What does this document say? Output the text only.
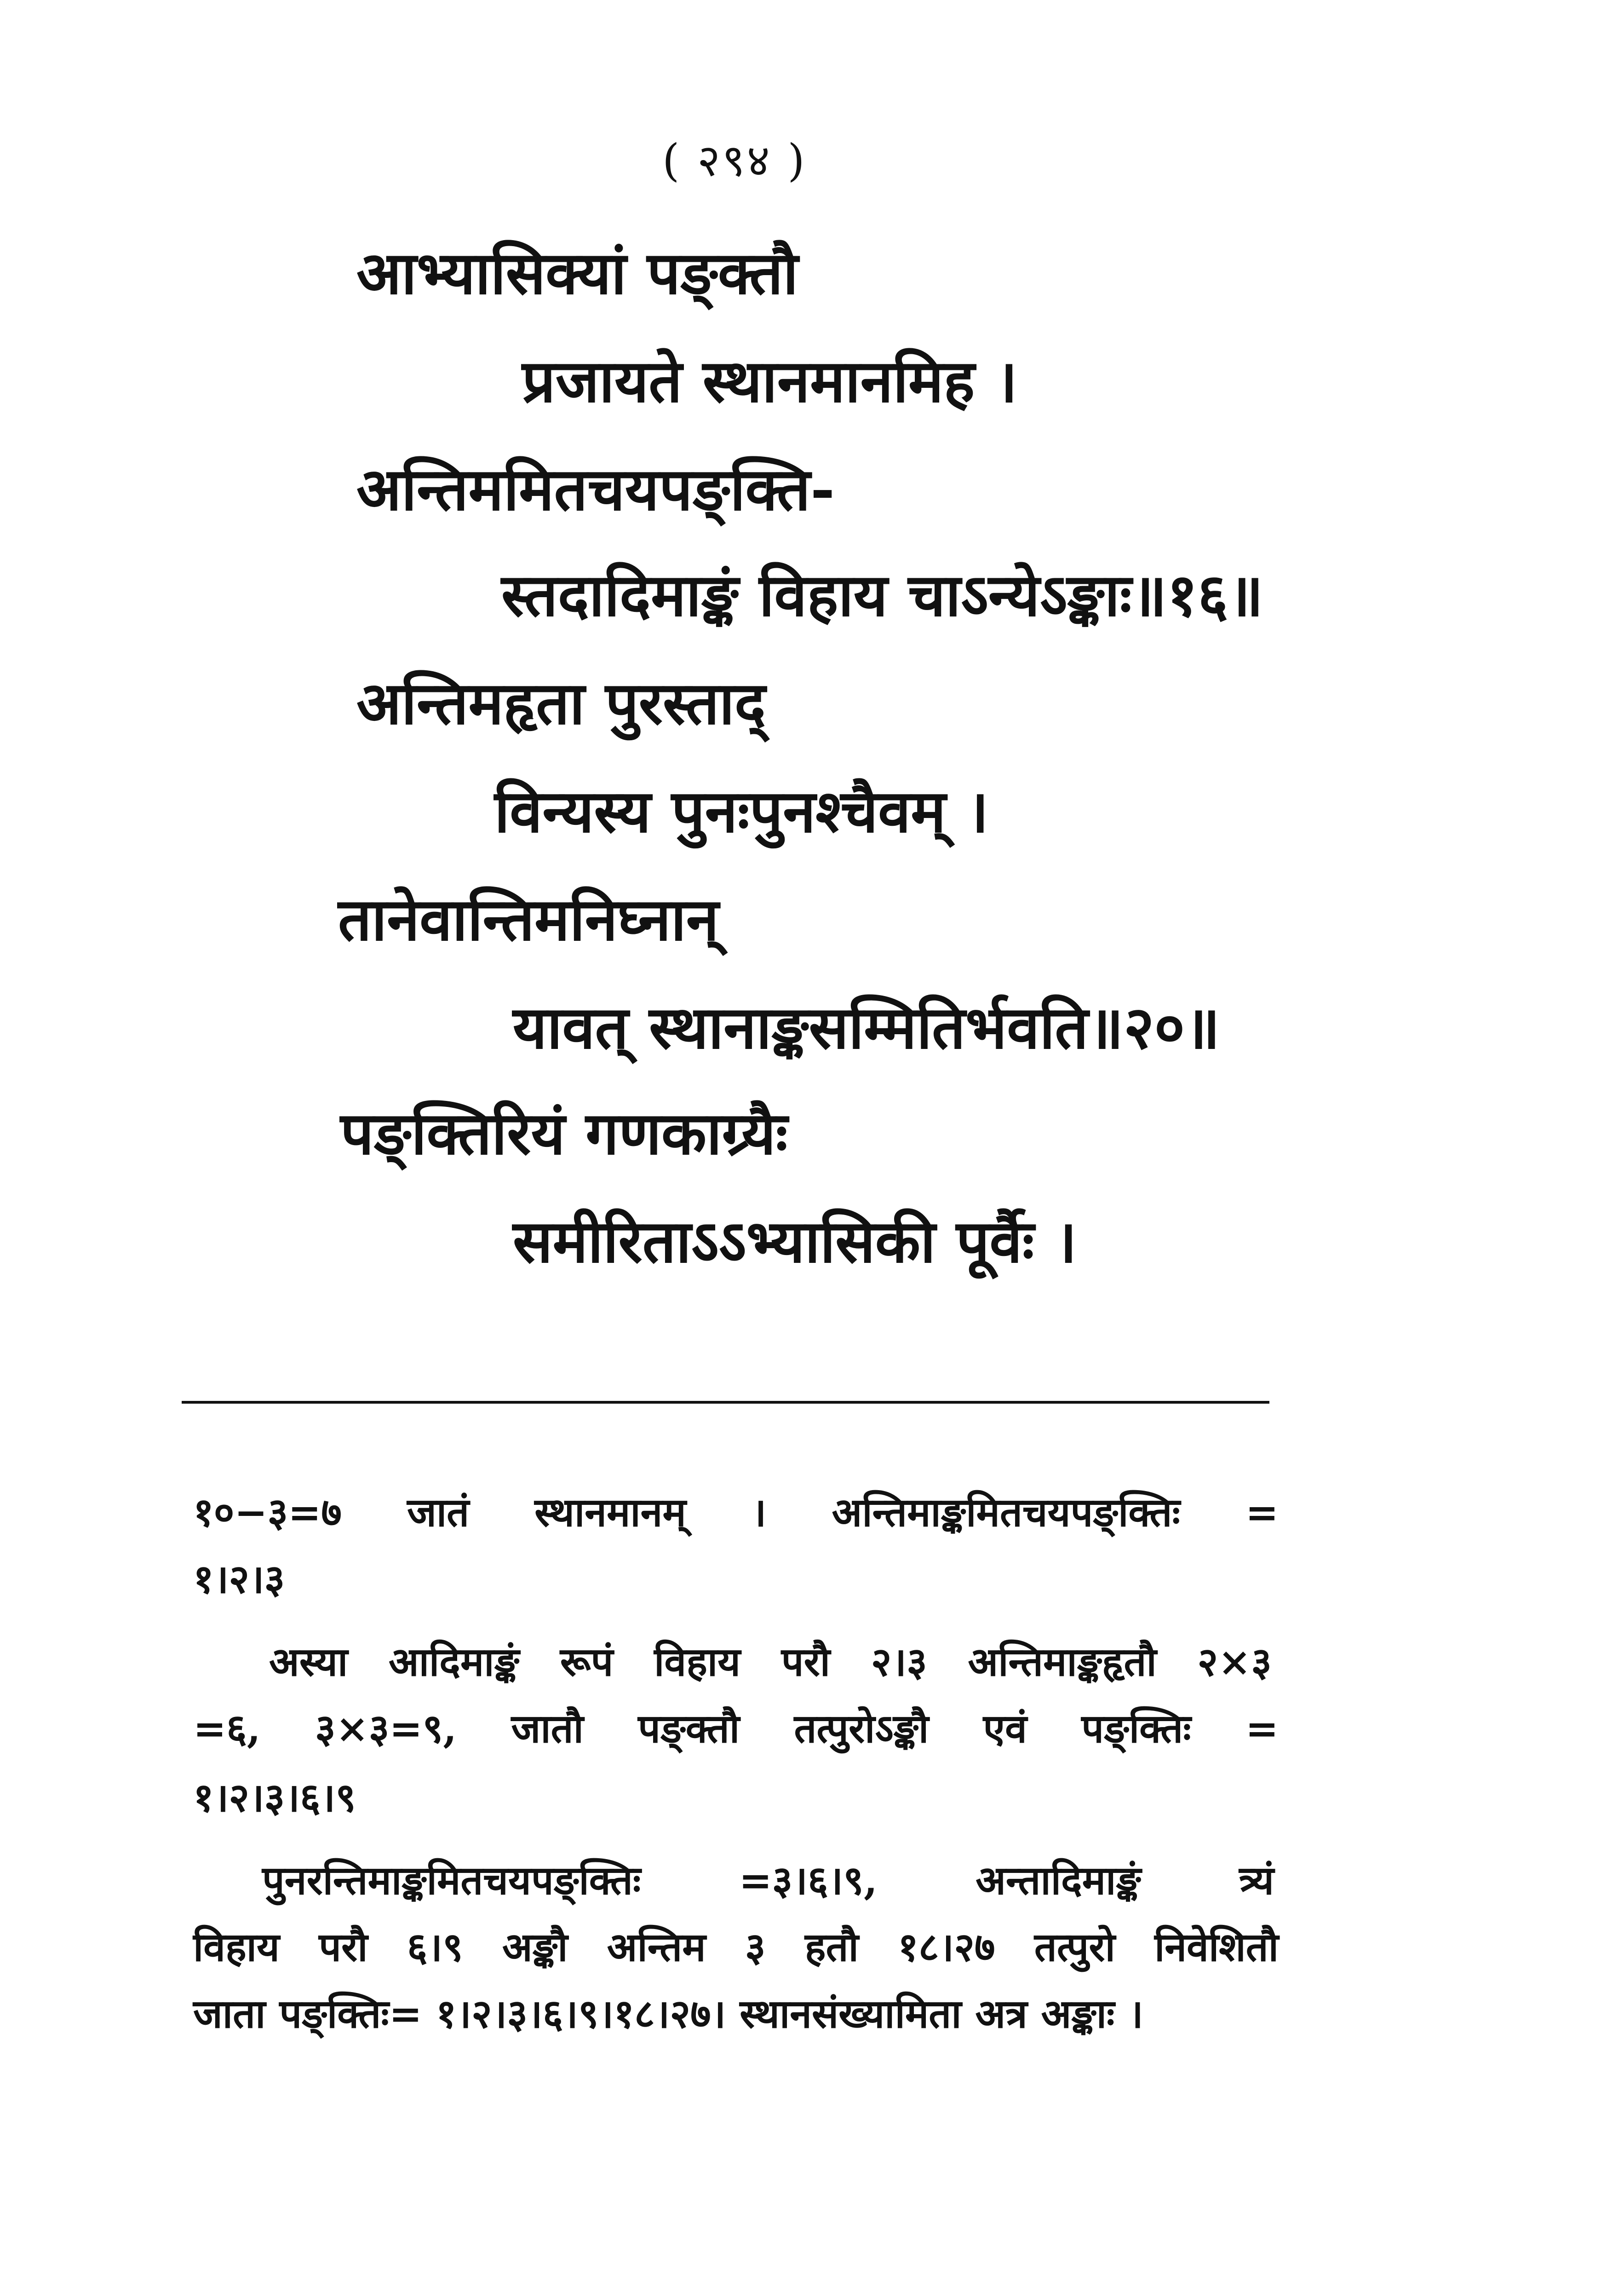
( २९४ )
आभ्यासिक्यां पङ्क्तौ
प्रजायते स्थानमानमिह ।
अन्तिममितचयपङ्क्ति-
स्तदादिमाङ्कं विहाय चाऽन्येऽङ्काः॥१६॥
अन्तिमहृता पुरस्ताद्
विन्यस्य पुनःपुनश्चैवम् ।
तानेवान्तिमनिघ्नान्
यावत् स्थानाङ्कसम्मितिर्भवति॥२०॥
पङ्क्तिरियं गणकाग्र्यैः
समीरिताऽऽभ्यासिकी पूर्वैः ।
१०−३=७ जातं स्थानमानम् । अन्तिमाङ्कमितचयपङ्क्तिः =
१।२।३
अस्या आदिमाङ्कं रूपं विहाय परौ २।३ अन्तिमाङ्कहृतौ २×३
=६, ३×३=९, जातौ पङ्क्तौ तत्पुरोऽङ्कौ एवं पङ्क्तिः =
१।२।३।६।९
पुनरन्तिमाङ्कमितचयपङ्क्तिः =३।६।९, अन्तादिमाङ्कं त्र्यं
विहाय परौ ६।९ अङ्कौ अन्तिम ३ हतौ १८।२७ तत्पुरो निवेशितौ
जाता पङ्क्तिः= १।२।३।६।९।१८।२७। स्थानसंख्यामिता अत्र अङ्काः ।
